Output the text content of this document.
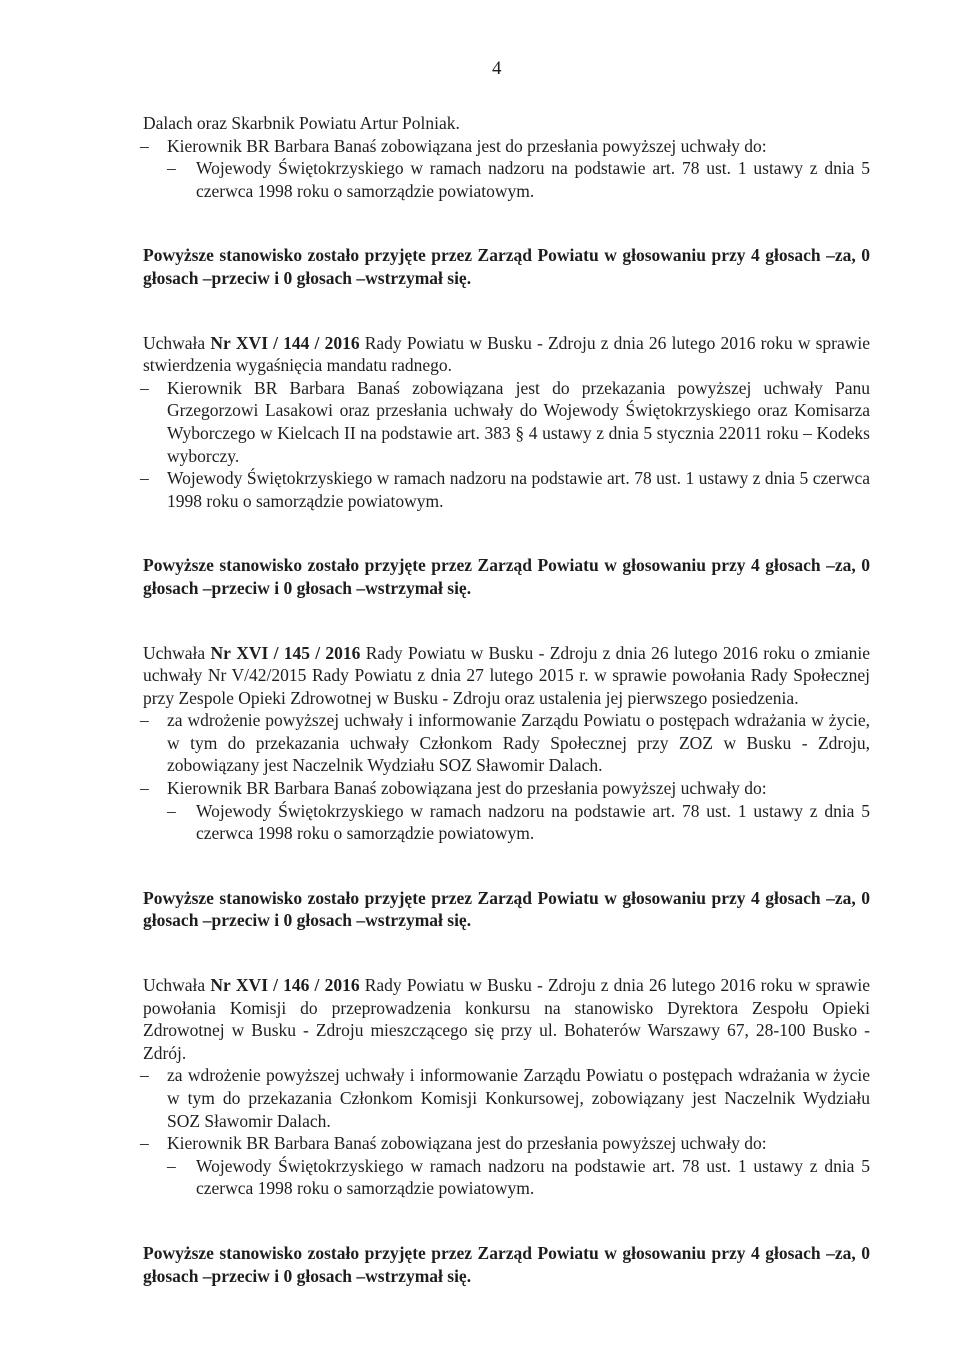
4

Dalach oraz Skarbnik Powiatu Artur Polniak.

– Kierownik BR Barbara Banaś zobowiązana jest do przesłania powyższej uchwały do:
– Wojewody Świętokrzyskiego w ramach nadzoru na podstawie art. 78 ust. 1 ustawy z dnia 5 czerwca 1998 roku o samorządzie powiatowym.

Powyższe stanowisko zostało przyjęte przez Zarząd Powiatu w głosowaniu przy 4 głosach –za, 0 głosach –przeciw i 0 głosach –wstrzymał się.

Uchwała Nr XVI / 144 / 2016 Rady Powiatu w Busku - Zdroju z dnia 26 lutego 2016 roku w sprawie stwierdzenia wygaśnięcia mandatu radnego.

– Kierownik BR Barbara Banaś zobowiązana jest do przekazania powyższej uchwały Panu Grzegorzowi Lasakowi oraz przesłania uchwały do Wojewody Świętokrzyskiego oraz Komisarza Wyborczego w Kielcach II na podstawie art. 383 § 4 ustawy z dnia 5 stycznia 22011 roku – Kodeks wyborczy.
– Wojewody Świętokrzyskiego w ramach nadzoru na podstawie art. 78 ust. 1 ustawy z dnia 5 czerwca 1998 roku o samorządzie powiatowym.

Powyższe stanowisko zostało przyjęte przez Zarząd Powiatu w głosowaniu przy 4 głosach –za, 0 głosach –przeciw i 0 głosach –wstrzymał się.

Uchwała Nr XVI / 145 / 2016 Rady Powiatu w Busku - Zdroju z dnia 26 lutego 2016 roku o zmianie uchwały Nr V/42/2015 Rady Powiatu z dnia 27 lutego 2015 r. w sprawie powołania Rady Społecznej przy Zespole Opieki Zdrowotnej w Busku - Zdroju oraz ustalenia jej pierwszego posiedzenia.

– za wdrożenie powyższej uchwały i informowanie Zarządu Powiatu o postępach wdrażania w życie, w tym do przekazania uchwały Członkom Rady Społecznej przy ZOZ w Busku - Zdroju, zobowiązany jest Naczelnik Wydziału SOZ Sławomir Dalach.
– Kierownik BR Barbara Banaś zobowiązana jest do przesłania powyższej uchwały do:
– Wojewody Świętokrzyskiego w ramach nadzoru na podstawie art. 78 ust. 1 ustawy z dnia 5 czerwca 1998 roku o samorządzie powiatowym.

Powyższe stanowisko zostało przyjęte przez Zarząd Powiatu w głosowaniu przy 4 głosach –za, 0 głosach –przeciw i 0 głosach –wstrzymał się.

Uchwała Nr XVI / 146 / 2016 Rady Powiatu w Busku - Zdroju z dnia 26 lutego 2016 roku w sprawie powołania Komisji do przeprowadzenia konkursu na stanowisko Dyrektora Zespołu Opieki Zdrowotnej w Busku - Zdroju mieszczącego się przy ul. Bohaterów Warszawy 67, 28-100 Busko - Zdrój.

– za wdrożenie powyższej uchwały i informowanie Zarządu Powiatu o postępach wdrażania w życie w tym do przekazania Członkom Komisji Konkursowej, zobowiązany jest Naczelnik Wydziału SOZ Sławomir Dalach.
– Kierownik BR Barbara Banaś zobowiązana jest do przesłania powyższej uchwały do:
– Wojewody Świętokrzyskiego w ramach nadzoru na podstawie art. 78 ust. 1 ustawy z dnia 5 czerwca 1998 roku o samorządzie powiatowym.

Powyższe stanowisko zostało przyjęte przez Zarząd Powiatu w głosowaniu przy 4 głosach –za, 0 głosach –przeciw i 0 głosach –wstrzymał się.
